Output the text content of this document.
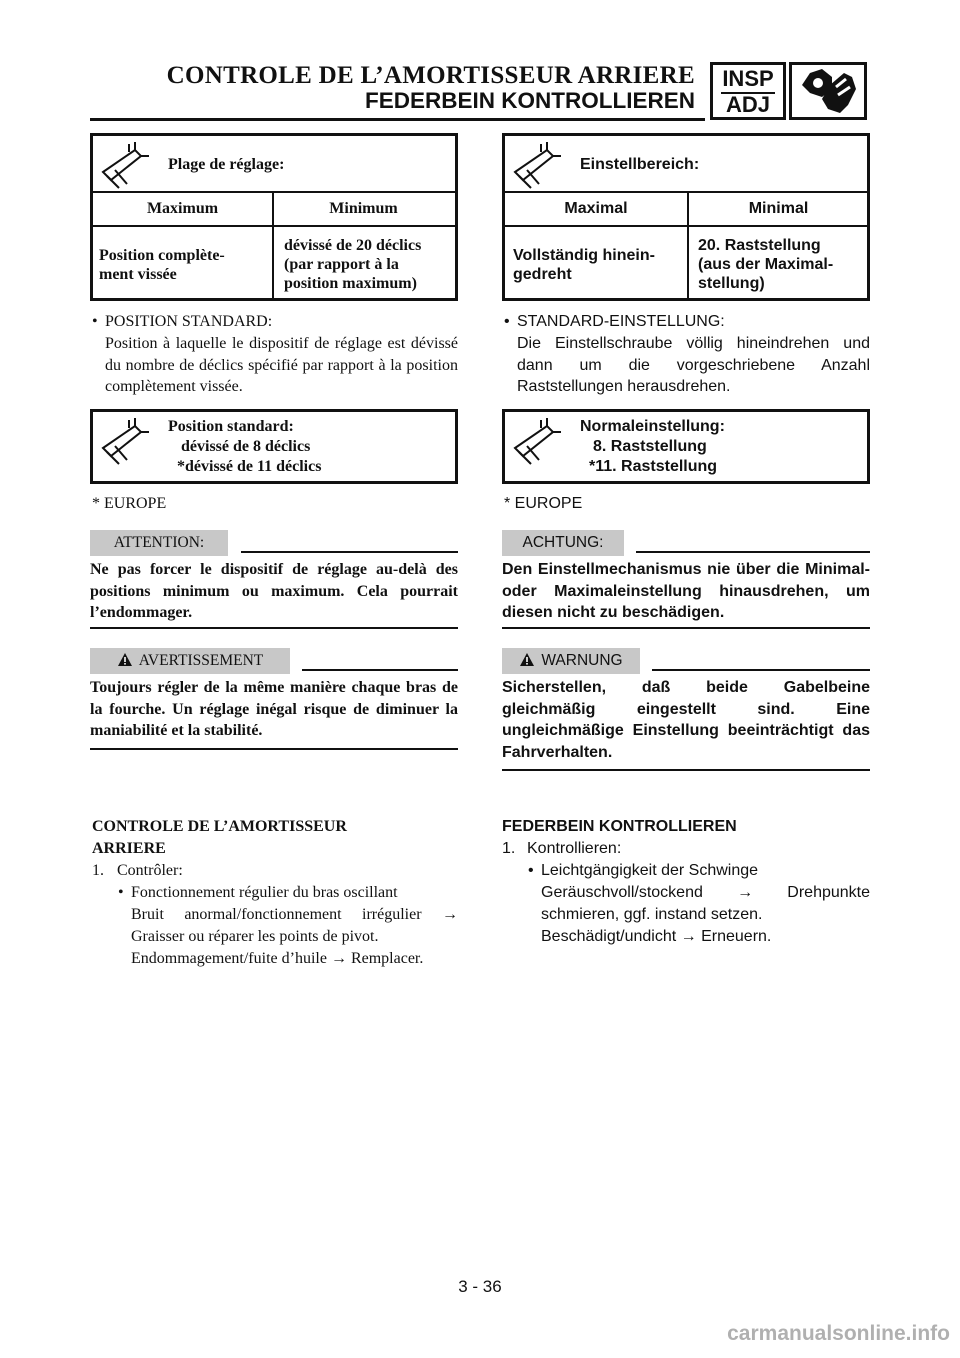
CONTROLE DE L’AMORTISSEUR ARRIERE
FEDERBEIN KONTROLLIEREN
INSP
ADJ
Plage de réglage:
Maximum	Minimum
Position complète-
ment vissée
dévissé de 20 déclics
(par rapport à la
position maximum)
• POSITION STANDARD:
Position à laquelle le dispositif de réglage est dévissé du nombre de déclics spécifié par rapport à la position complètement vissée.
Position standard:
dévissé de 8 déclics
*dévissé de 11 déclics
* EUROPE
ATTENTION:
Ne pas forcer le dispositif de réglage au-delà des positions minimum ou maximum. Cela pourrait l’endommager.
AVERTISSEMENT
Toujours régler de la même manière chaque bras de la fourche. Un réglage inégal risque de diminuer la maniabilité et la stabilité.
CONTROLE DE L’AMORTISSEUR
ARRIERE
1. Contrôler:
• Fonctionnement régulier du bras oscillant
Bruit anormal/fonctionnement irrégulier →
Graisser ou réparer les points de pivot.
Endommagement/fuite d’huile → Remplacer.
Einstellbereich:
Maximal	Minimal
Vollständig hinein-
gedreht
20. Raststellung
(aus der Maximal-
stellung)
• STANDARD-EINSTELLUNG:
Die Einstellschraube völlig hineindrehen und dann um die vorgeschriebene Anzahl Raststellungen herausdrehen.
Normaleinstellung:
8. Raststellung
*11. Raststellung
* EUROPE
ACHTUNG:
Den Einstellmechanismus nie über die Minimal- oder Maximaleinstellung hinausdrehen, um diesen nicht zu beschädigen.
WARNUNG
Sicherstellen, daß beide Gabelbeine gleichmäßig eingestellt sind. Eine ungleichmäßige Einstellung beeinträchtigt das Fahrverhalten.
FEDERBEIN KONTROLLIEREN
1. Kontrollieren:
• Leichtgängigkeit der Schwinge
Geräuschvoll/stockend → Drehpunkte
schmieren, ggf. instand setzen.
Beschädigt/undicht → Erneuern.
3 - 36
carmanualsonline.info
